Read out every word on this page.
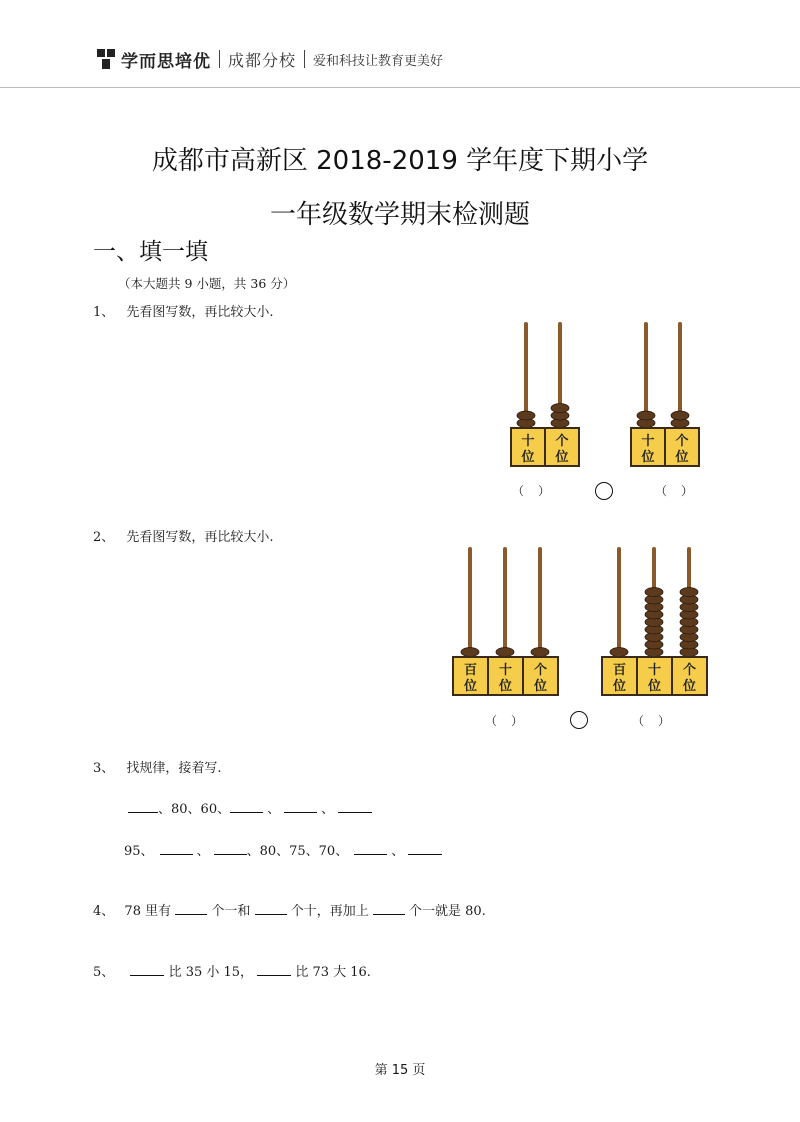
学而思培优 成都分校 爱和科技让教育更美好
成都市高新区 2018-2019 学年度下期小学
一年级数学期末检测题
一、填一填
（本大题共 9 小题，共 36 分）
1、 先看图写数，再比较大小.
十
位
个
位
十
位
个
位
（ ）	（ ）
2、 先看图写数，再比较大小.
百
位
十
位
个
位
百
位
十
位
个
位
（ ）	（ ）
3、 找规律，接着写.
、80、60、	、	、
95、	、	、80、75、70、	、
4、 78 里有	个一和	个十，再加上	个一就是 80.
5、	比 35 小 15，	比 73 大 16.
第 15 页
